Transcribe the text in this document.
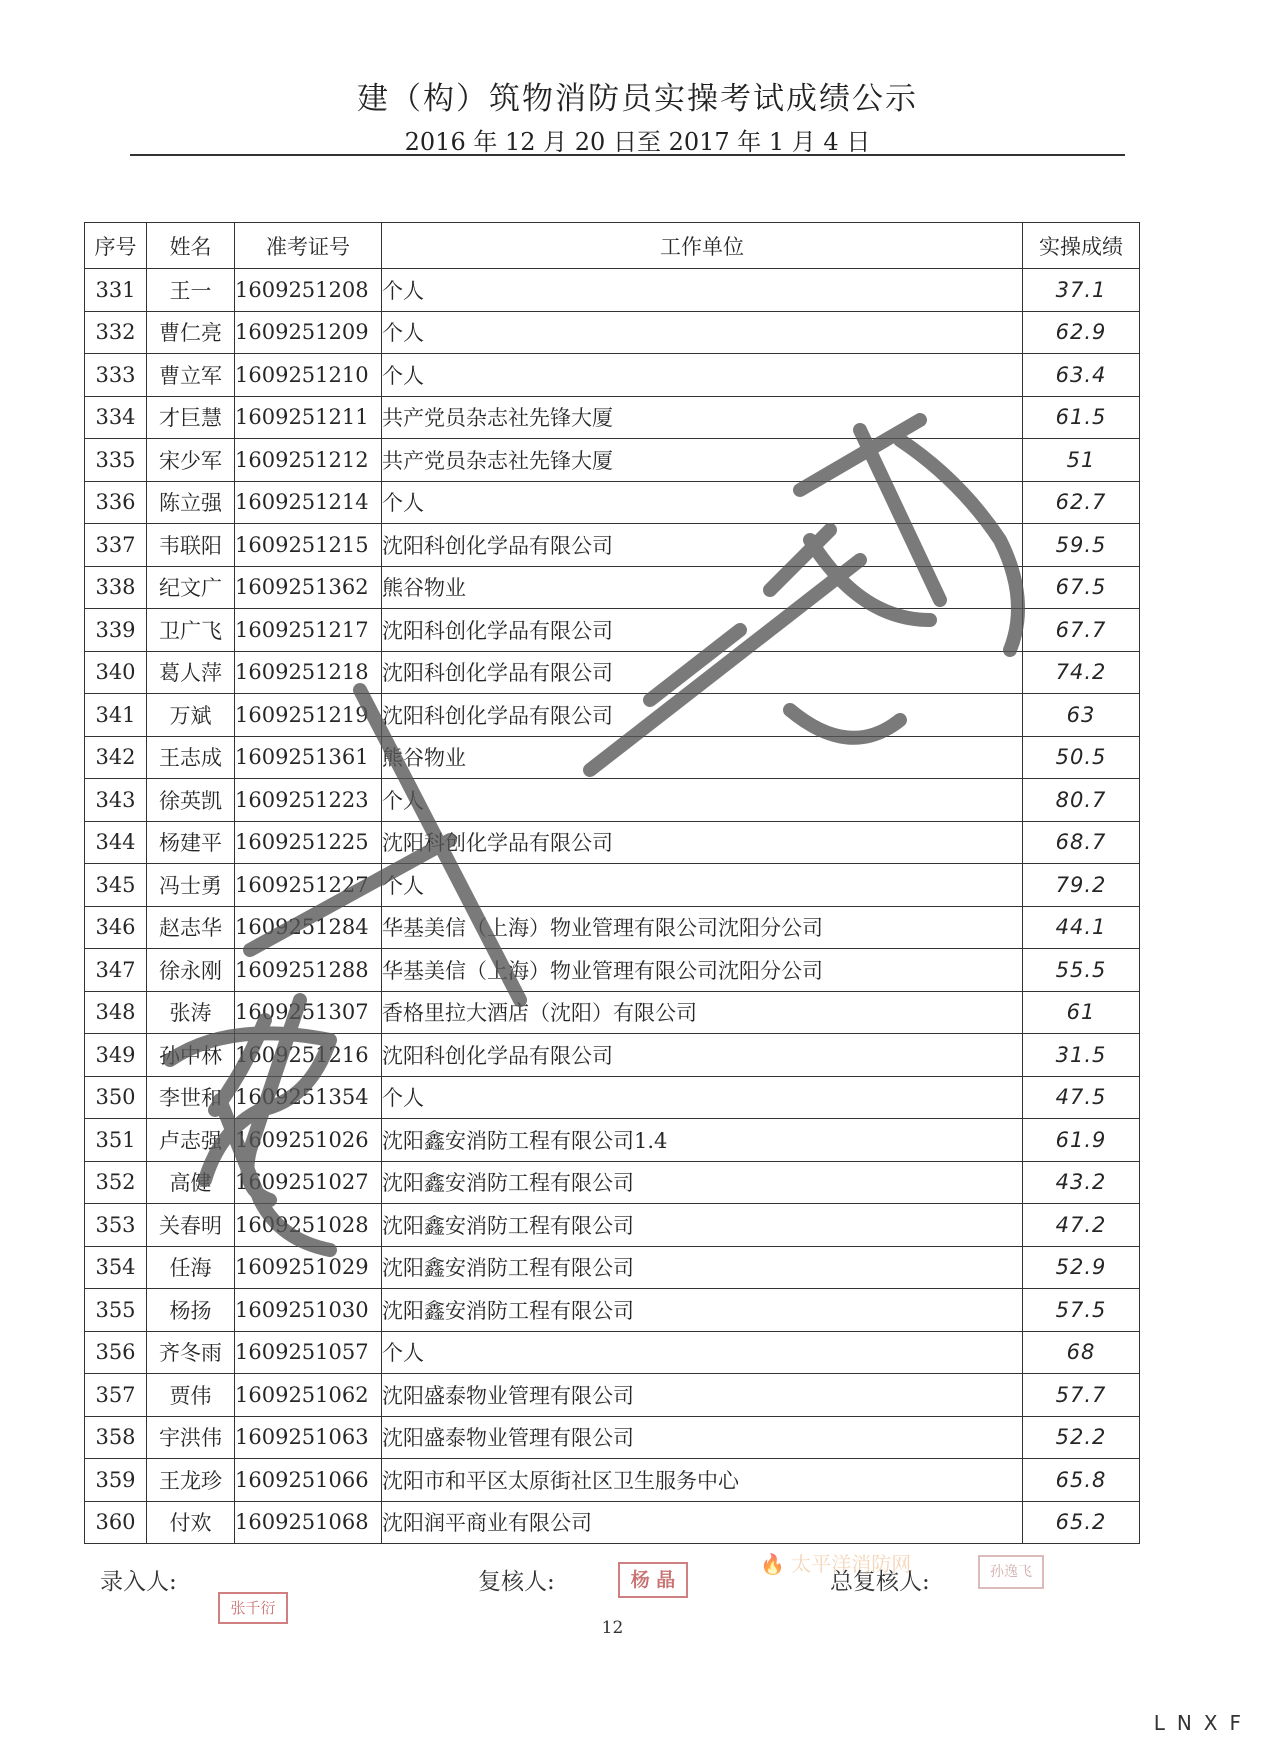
建（构）筑物消防员实操考试成绩公示
2016 年 12 月 20 日至 2017 年 1 月 4 日
序号	姓名	准考证号	工作单位	实操成绩
331	王一	1609251208	个人	37.1
332	曹仁亮	1609251209	个人	62.9
333	曹立军	1609251210	个人	63.4
334	才巨慧	1609251211	共产党员杂志社先锋大厦	61.5
335	宋少军	1609251212	共产党员杂志社先锋大厦	51
336	陈立强	1609251214	个人	62.7
337	韦联阳	1609251215	沈阳科创化学品有限公司	59.5
338	纪文广	1609251362	熊谷物业	67.5
339	卫广飞	1609251217	沈阳科创化学品有限公司	67.7
340	葛人萍	1609251218	沈阳科创化学品有限公司	74.2
341	万斌	1609251219	沈阳科创化学品有限公司	63
342	王志成	1609251361	熊谷物业	50.5
343	徐英凯	1609251223	个人	80.7
344	杨建平	1609251225	沈阳科创化学品有限公司	68.7
345	冯士勇	1609251227	个人	79.2
346	赵志华	1609251284	华基美信（上海）物业管理有限公司沈阳分公司	44.1
347	徐永刚	1609251288	华基美信（上海）物业管理有限公司沈阳分公司	55.5
348	张涛	1609251307	香格里拉大酒店（沈阳）有限公司	61
349	孙中林	1609251216	沈阳科创化学品有限公司	31.5
350	李世和	1609251354	个人	47.5
351	卢志强	1609251026	沈阳鑫安消防工程有限公司1.4	61.9
352	高健	1609251027	沈阳鑫安消防工程有限公司	43.2
353	关春明	1609251028	沈阳鑫安消防工程有限公司	47.2
354	任海	1609251029	沈阳鑫安消防工程有限公司	52.9
355	杨扬	1609251030	沈阳鑫安消防工程有限公司	57.5
356	齐冬雨	1609251057	个人	68
357	贾伟	1609251062	沈阳盛泰物业管理有限公司	57.7
358	宇洪伟	1609251063	沈阳盛泰物业管理有限公司	52.2
359	王龙珍	1609251066	沈阳市和平区太原街社区卫生服务中心	65.8
360	付欢	1609251068	沈阳润平商业有限公司	65.2
录入人:
张千衍
复核人:	杨 晶
🔥 太平洋消防网
总复核人:	孙逸飞
12
LNXF
